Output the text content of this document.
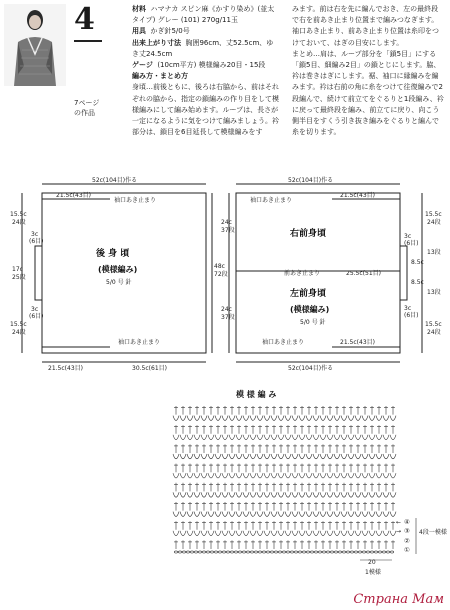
4
7ページ
の作品

材料 ハマナカ スピン麻《かすり染め》(並太タイプ) グレー (101) 270g/11玉

用具 かぎ針5/0号

出来上がり寸法 胸囲96cm、丈52.5cm、ゆき丈24.5cm

ゲージ (10cm平方) 模様編み20目・15段

編み方・まとめ方

身頃…前後ともに、後ろは右脇から、前はそれぞれの脇から、指定の鎖編みの作り目をして模様編みにして編み始めます。ループは、長さが一定になるように気をつけて編みましょう。衿部分は、鎖目を6目延長して模様編みをす

みます。前は右を先に編んでおき、左の最終段で右を前あき止まり位置まで編みつなぎます。袖口あき止まり、前あき止まり位置は糸印をつけておいて、はぎの目安にします。

まとめ…肩は、ループ部分を「鎖5目」にする「鎖5目、細編み2目」の鎖とじにします。脇、衿は巻きはぎにします。裾、袖口に縁編みを編みます。衿は右前の角に糸をつけて往復編みで2段編んで、続けて前立てをぐるりと1段編み、衿に戻って最終段を編み、前立てに戻り、向こう側半目をすくう引き抜き編みをぐるりと編んで糸を切ります。

52c(104目)作る
21.5c(43目)
袖口あき止まり
袖口あき止まり
21.5c(43目)	30.5c(61目)
15.5c
24段
17c
25段
15.5c
24段
3c
(6目)
3c
(6目)
24c
37段
48c
72段
24c
37段
後 身 頃
(模様編み)
5/0 号 針
右前身頃
左前身頃
(模様編み)
5/0 号 針
52c(104目)作る
袖口あき止まり
21.5c(43目)
前あき止まり	25.5c(51目)
袖口あき止まり	21.5c(43目)
52c(104目)作る
15.5c
24段
13段
8.5c
8.5c
13段
15.5c
24段
3c
(6目)
3c
(6目)
模 様 編 み
④
③
②
①
4段一模様
20
1模様
←
→
Страна Мам
